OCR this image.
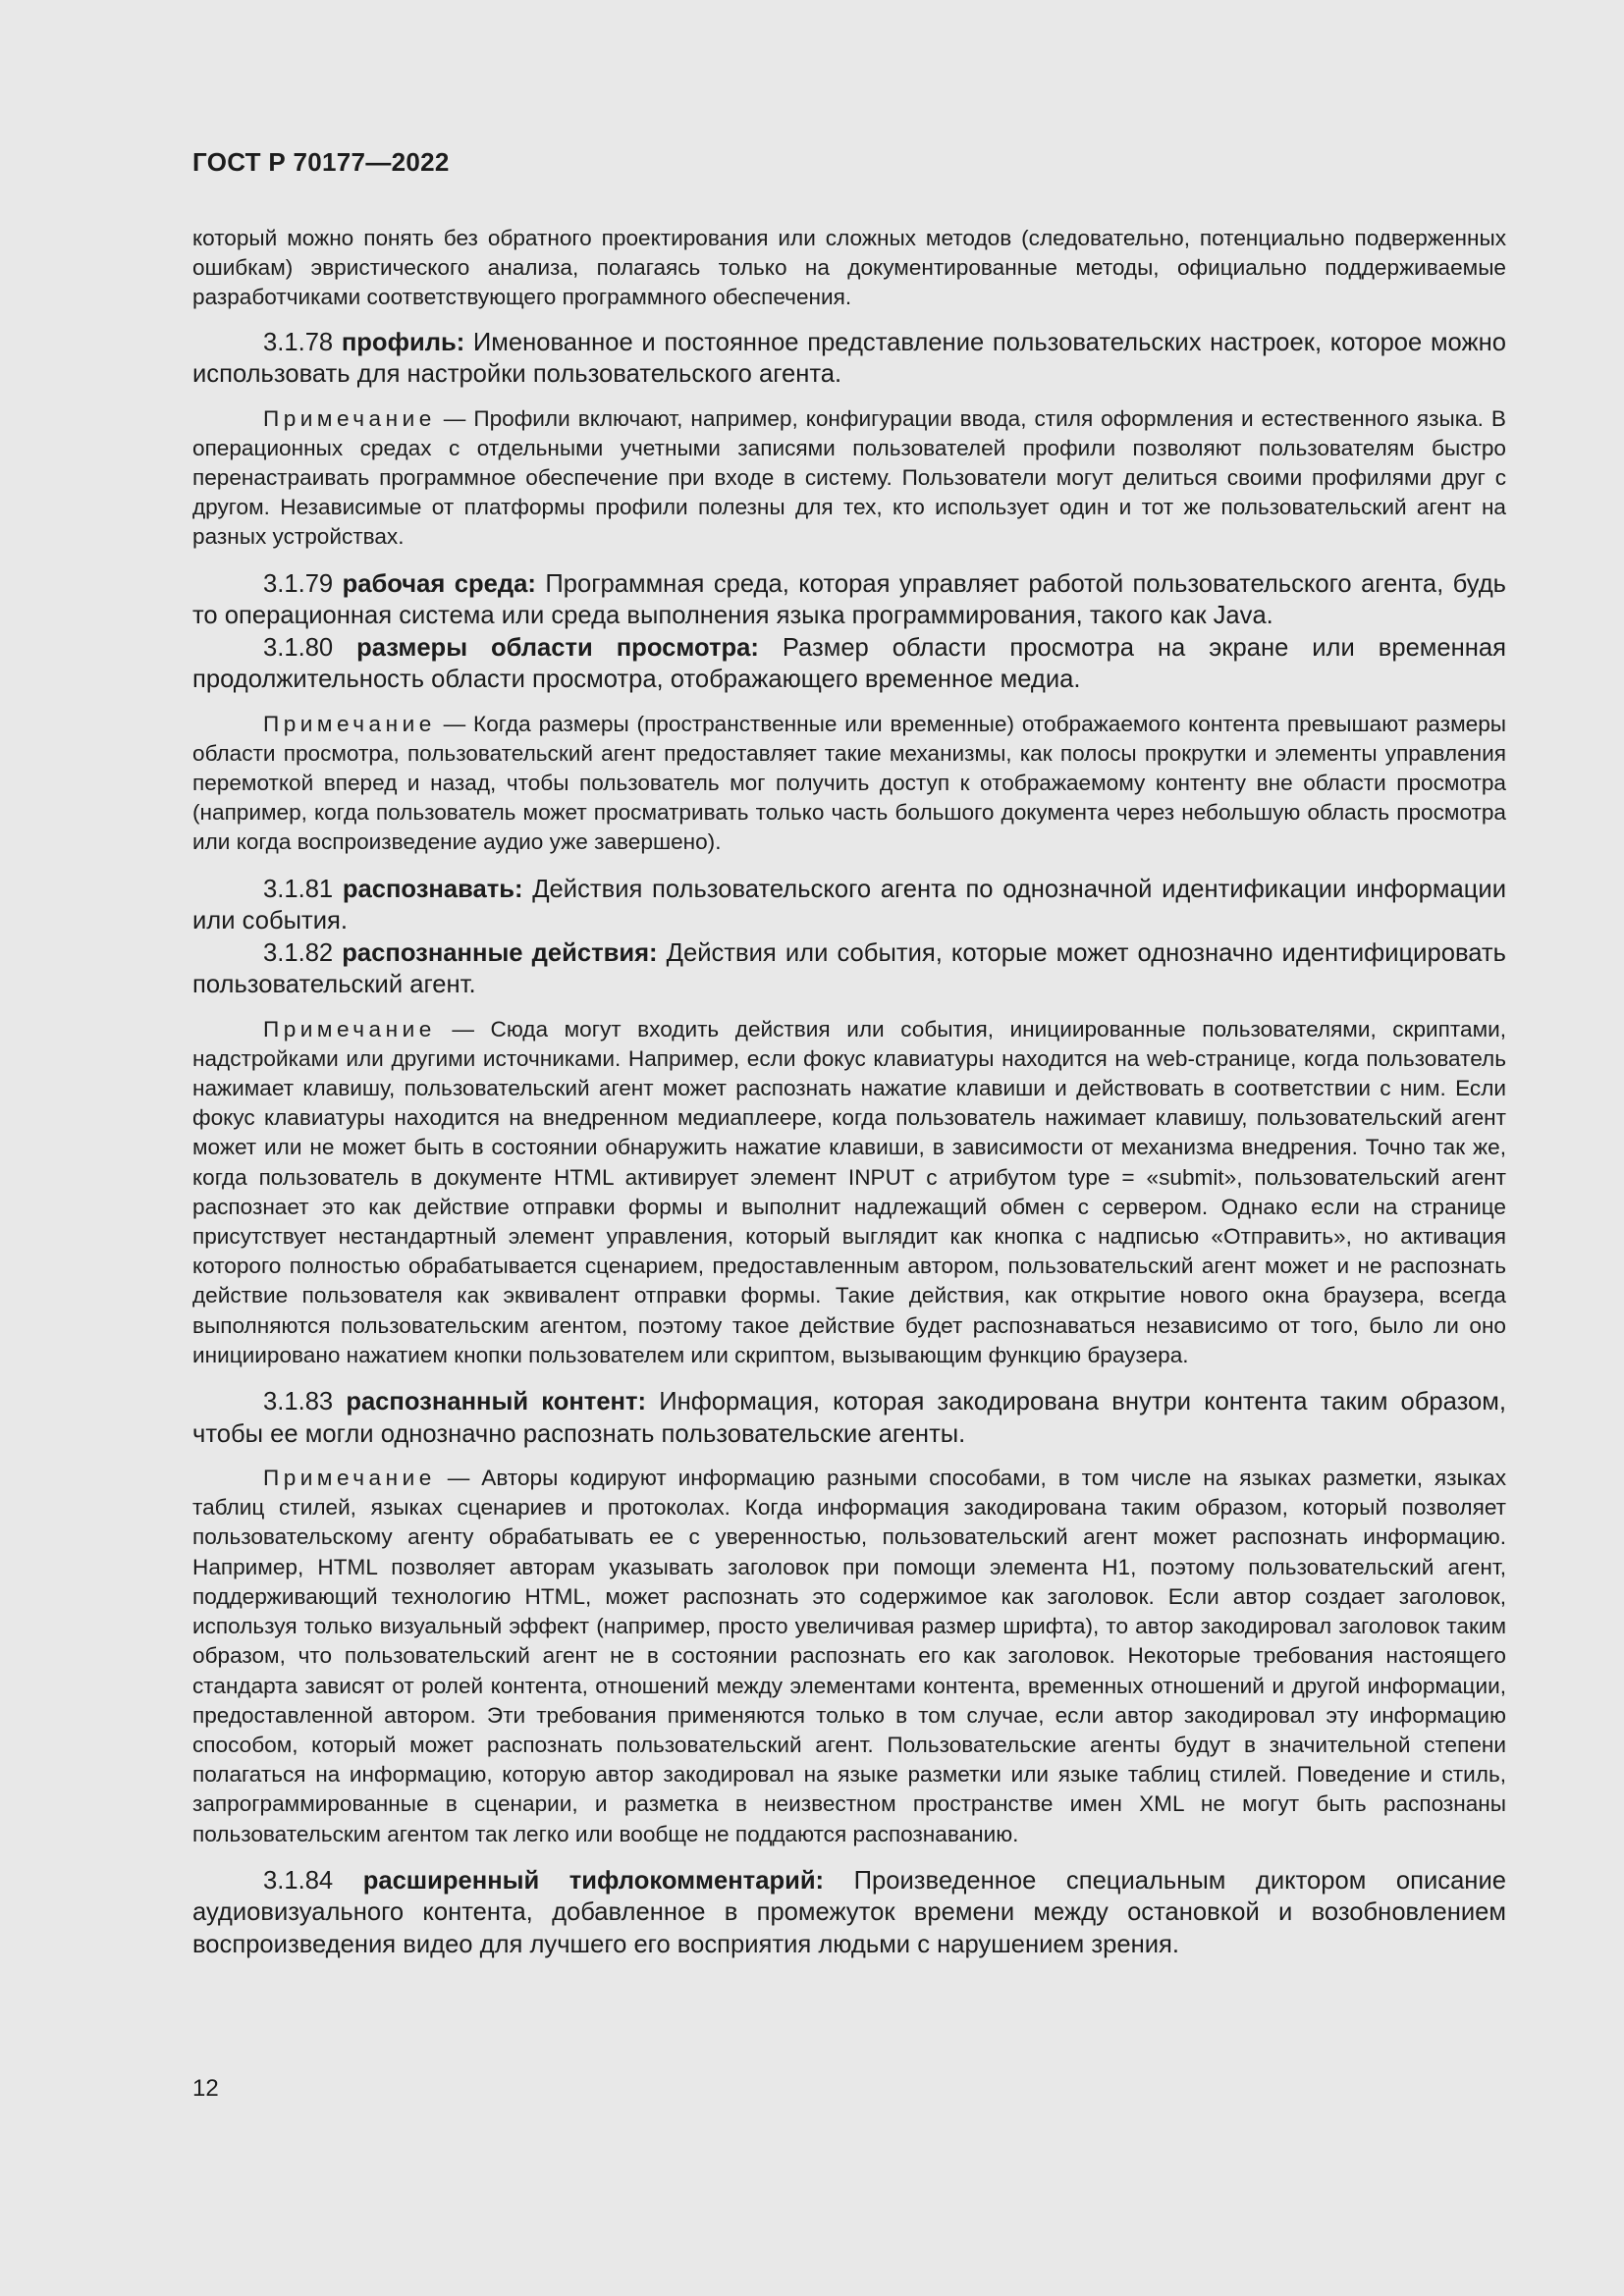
ГОСТ Р 70177—2022

который можно понять без обратного проектирования или сложных методов (следовательно, потенциально подверженных ошибкам) эвристического анализа, полагаясь только на документированные методы, официально поддерживаемые разработчиками соответствующего программного обеспечения.

3.1.78 профиль: Именованное и постоянное представление пользовательских настроек, которое можно использовать для настройки пользовательского агента.

Примечание — Профили включают, например, конфигурации ввода, стиля оформления и естественного языка. В операционных средах с отдельными учетными записями пользователей профили позволяют пользователям быстро перенастраивать программное обеспечение при входе в систему. Пользователи могут делиться своими профилями друг с другом. Независимые от платформы профили полезны для тех, кто использует один и тот же пользовательский агент на разных устройствах.

3.1.79 рабочая среда: Программная среда, которая управляет работой пользовательского агента, будь то операционная система или среда выполнения языка программирования, такого как Java.

3.1.80 размеры области просмотра: Размер области просмотра на экране или временная продолжительность области просмотра, отображающего временное медиа.

Примечание — Когда размеры (пространственные или временные) отображаемого контента превышают размеры области просмотра, пользовательский агент предоставляет такие механизмы, как полосы прокрутки и элементы управления перемоткой вперед и назад, чтобы пользователь мог получить доступ к отображаемому контенту вне области просмотра (например, когда пользователь может просматривать только часть большого документа через небольшую область просмотра или когда воспроизведение аудио уже завершено).

3.1.81 распознавать: Действия пользовательского агента по однозначной идентификации информации или события.

3.1.82 распознанные действия: Действия или события, которые может однозначно идентифицировать пользовательский агент.

Примечание — Сюда могут входить действия или события, инициированные пользователями, скриптами, надстройками или другими источниками. Например, если фокус клавиатуры находится на web-странице, когда пользователь нажимает клавишу, пользовательский агент может распознать нажатие клавиши и действовать в соответствии с ним. Если фокус клавиатуры находится на внедренном медиаплеере, когда пользователь нажимает клавишу, пользовательский агент может или не может быть в состоянии обнаружить нажатие клавиши, в зависимости от механизма внедрения. Точно так же, когда пользователь в документе HTML активирует элемент INPUT с атрибутом type = «submit», пользовательский агент распознает это как действие отправки формы и выполнит надлежащий обмен с сервером. Однако если на странице присутствует нестандартный элемент управления, который выглядит как кнопка с надписью «Отправить», но активация которого полностью обрабатывается сценарием, предоставленным автором, пользовательский агент может и не распознать действие пользователя как эквивалент отправки формы. Такие действия, как открытие нового окна браузера, всегда выполняются пользовательским агентом, поэтому такое действие будет распознаваться независимо от того, было ли оно инициировано нажатием кнопки пользователем или скриптом, вызывающим функцию браузера.

3.1.83 распознанный контент: Информация, которая закодирована внутри контента таким образом, чтобы ее могли однозначно распознать пользовательские агенты.

Примечание — Авторы кодируют информацию разными способами, в том числе на языках разметки, языках таблиц стилей, языках сценариев и протоколах. Когда информация закодирована таким образом, который позволяет пользовательскому агенту обрабатывать ее с уверенностью, пользовательский агент может распознать информацию. Например, HTML позволяет авторам указывать заголовок при помощи элемента H1, поэтому пользовательский агент, поддерживающий технологию HTML, может распознать это содержимое как заголовок. Если автор создает заголовок, используя только визуальный эффект (например, просто увеличивая размер шрифта), то автор закодировал заголовок таким образом, что пользовательский агент не в состоянии распознать его как заголовок. Некоторые требования настоящего стандарта зависят от ролей контента, отношений между элементами контента, временных отношений и другой информации, предоставленной автором. Эти требования применяются только в том случае, если автор закодировал эту информацию способом, который может распознать пользовательский агент. Пользовательские агенты будут в значительной степени полагаться на информацию, которую автор закодировал на языке разметки или языке таблиц стилей. Поведение и стиль, запрограммированные в сценарии, и разметка в неизвестном пространстве имен XML не могут быть распознаны пользовательским агентом так легко или вообще не поддаются распознаванию.

3.1.84 расширенный тифлокомментарий: Произведенное специальным диктором описание аудиовизуального контента, добавленное в промежуток времени между остановкой и возобновлением воспроизведения видео для лучшего его восприятия людьми с нарушением зрения.

12
